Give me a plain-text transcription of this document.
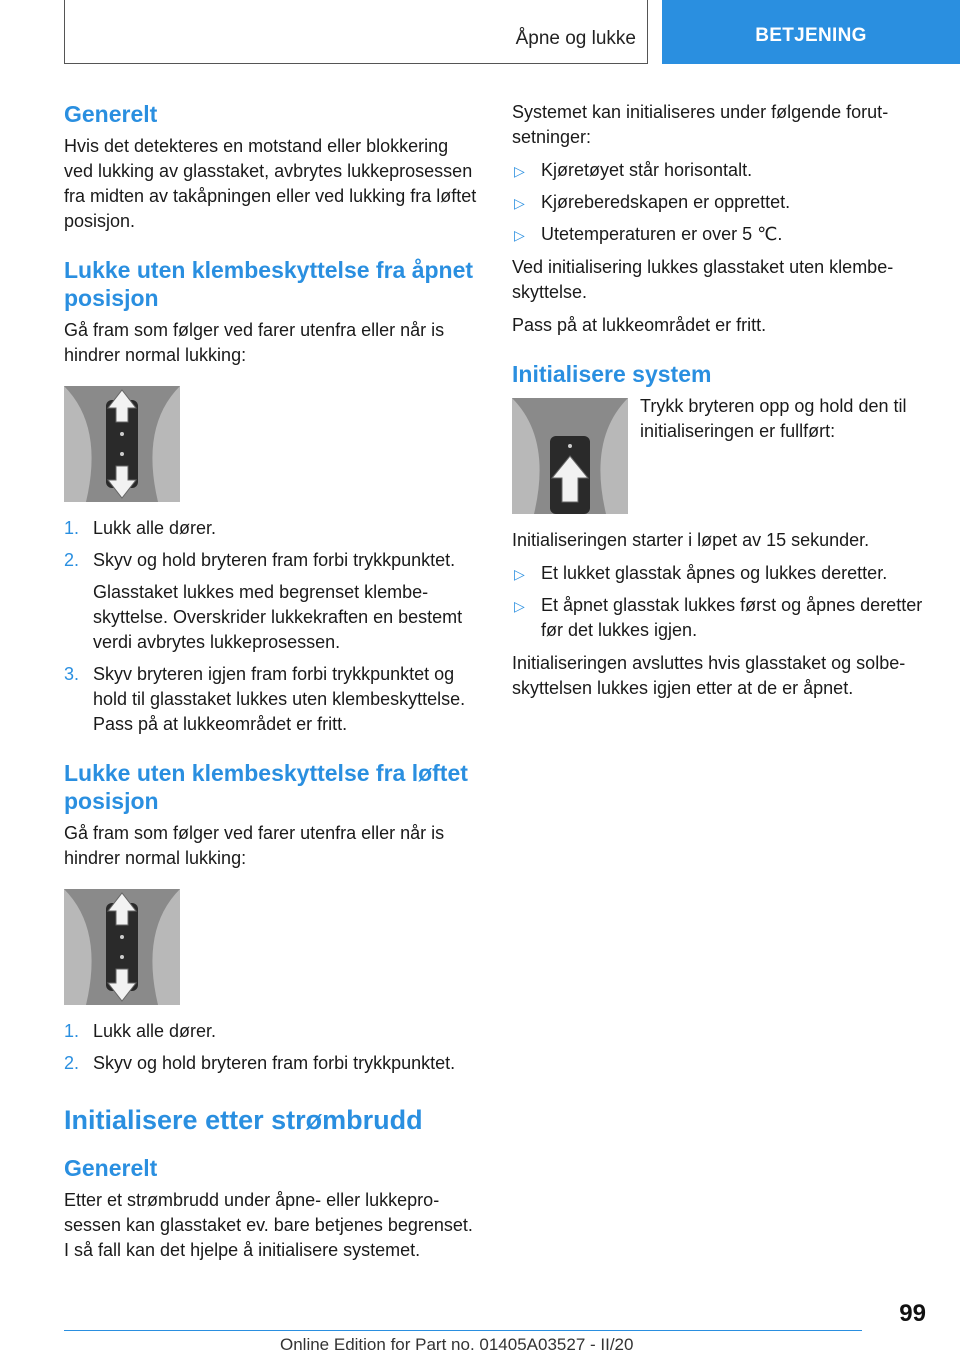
Åpne og lukke	BETJENING
Generelt

Hvis det detekteres en motstand eller blokkering ved lukking av glasstaket, avbrytes lukkeprosessen fra midten av takåpningen eller ved lukking fra løftet posisjon.

Lukke uten klembeskyttelse fra åpnet posisjon

Gå fram som følger ved farer utenfra eller når is hindrer normal lukking:

1. Lukk alle dører.
2. Skyv og hold bryteren fram forbi trykkpunktet.
Glasstaket lukkes med begrenset klembeskyttelse. Overskrider lukkekraften en bestemt verdi avbrytes lukkeprosessen.
3. Skyv bryteren igjen fram forbi trykkpunktet og hold til glasstaket lukkes uten klembeskyttelse. Pass på at lukkeområdet er fritt.
Lukke uten klembeskyttelse fra løftet posisjon

Gå fram som følger ved farer utenfra eller når is hindrer normal lukking:

1. Lukk alle dører.
2. Skyv og hold bryteren fram forbi trykkpunktet.
Initialisere etter strømbrudd
Generelt

Etter et strømbrudd under åpne- eller lukkeprosessen kan glasstaket ev. bare betjenes begrenset. I så fall kan det hjelpe å initialisere systemet.

Systemet kan initialiseres under følgende forutsetninger:

▷ Kjøretøyet står horisontalt.
▷ Kjøreberedskapen er opprettet.
▷ Utetemperaturen er over 5 ℃.

Ved initialisering lukkes glasstaket uten klembeskyttelse.

Pass på at lukkeområdet er fritt.

Initialisere system

Trykk bryteren opp og hold den til initialiseringen er fullført:

Initialiseringen starter i løpet av 15 sekunder.

▷ Et lukket glasstak åpnes og lukkes deretter.
▷ Et åpnet glasstak lukkes først og åpnes deretter før det lukkes igjen.

Initialiseringen avsluttes hvis glasstaket og solbeskyttelsen lukkes igjen etter at de er åpnet.

99
Online Edition for Part no. 01405A03527 - II/20
